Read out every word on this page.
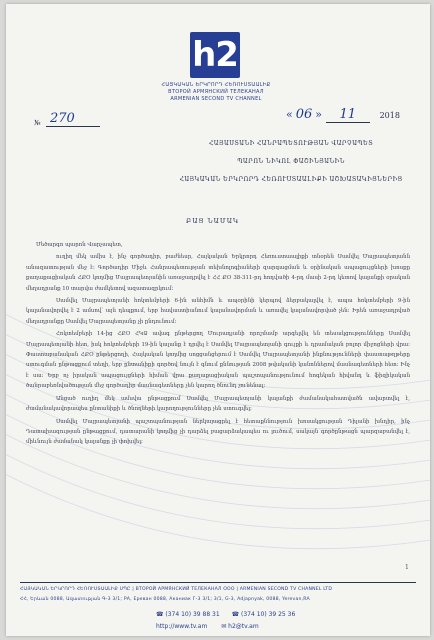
h2
ՀԱՅԿԱԿԱՆ ԵՐԿՐՈՐԴ ՀԵՌՈՒՍՏԱԱԼԻՔ
ВТОРОЙ АРМЯНСКИЙ ТЕЛЕКАНАЛ
ARMENIAN SECOND TV CHANNEL
№ 270	« 06 » 11	2018
ՀԱՅԱՍՏԱՆԻ ՀԱՆՐԱՊԵՏՈՒԹՅԱՆ ՎԱՐՉԱՊԵՏ
ՊԱՐՈՆ ՆԻԿՈԼ ՓԱՇԻՆՅԱՆԻՆ
ՀԱՅԿԱԿԱՆ ԵՐԿՐՈՐԴ ՀԵՌՈՒՍՏԱԱԼԻՔԻ ԱՇԽԱՏԱԿԻՑՆԵՐԻՑ
ԲԱՑ ՆԱՄԱԿ

Մեծարգո պարոն Վարչապետ,

ուղիղ մեկ ամիս է, ինչ գործադիր, բաժնեսր, Հայկական Երկրորդ Հեռուստաալիքի տնօրեն Սամվել Մայրապետյանն անազատության մեջ է։ Գործադիր Միջև Հանրապետության տեխնոլոգիաների զարգացման և օրինական ապացույցների խոսքը քաղաքացիական ՀՔՕ կողմից Մայրապետյանին առաջադրվել է ՀՀ ՔՕ 38-311-րդ հոդվածի 4-րդ մասի 2-րդ կետով կալանքի օրական մեղադրանք 10 տարվա ժամկետով ազատազրկում։

Սամվել Մայրապետյանի հոկտեմբերի 6-ին անհիմն և ապօրինի կերպով ձերբակալվել է, ապա հոկտեմբերի 9-ին կալանավորվել է 2 ամսով՝ այն դեպքում, երբ հավաստիանում կալանավորման և առավել կալանավորված չեն։ Իրեն առաջադրված մեղադրանքը Սամվել Մայրապետյանը չի ընդունում։

Հոկտեմբերի 14-ից ՀՔՕ ՀԿՁ ավագ ընթերցող Մուրադյանի որոշմամբ արգելվել են տեսակցությունները Սամվել Մայրապետյանի հետ, իսկ հոկտեմբերի 19-ին կալանք է դրվել է Սամվել Մայրապետյանի գույքի և դրամական բոլոր միջոցների վրա։ Փաստաբանական ՀՔՕ ընթերցողի, Հայկական կողմից սոցցանցերում է Սամվել Մայրապետյանի ինքնությունների փաստաթղթերը ստուգման ընթացքում տեղի, երբ ընտանիքի գործով նույն է գնում քննության 2008 թվականի կանոններով մասնագետների հետ։ Ինչ է սա։ Երբ ոչ իրական ապացույցների հիման վրա քաղաքացիական պաշտպանությունում հոգեկան հիվանդ և ֆիզիկական ծանրաբեռնվածության մեջ գործադիր մասնագետները չեն կարող ծնունդ չունենալ։

Անցած ուղիղ մեկ ամսվա ընթացքում Սամվել Մայրապետյանի կալանքի ժամանակահատվածն ավարտվել է, ժամանակավորապես ընտանիքի և ծնողների կարողությունները չեն ստուգվել։

Սամվել Մայրապետյանի պաշտպանության ներկայացրել է հետաքննություն խոսակցության Դիլանի խնդիր, ինչ Դատախազության ընթացքում, դատարանի կողմից չի դարձել բացարձակապես ու լուծում, սակայն գործընթացն պարզաբանվել է, միևնույն ժամանակ կալանքը չի փոխվել։

1
ՀԱՅԿԱԿԱՆ ԵՐԿՐՈՐԴ ՀԵՌՈՒՍՏԱԱԼԻՔ ՍՊԸ | ВТОРОЙ АРМЯНСКИЙ ТЕЛЕКАНАЛ ООО | ARMENIAN SECOND TV CHANNEL LTD
ՀՀ, Երևան 0088, Ազատության Գ-3 3/1; РА, Ереван 0088, Аканиак Г-3 3/1; 3/1, G-3, Adjapnyak, 0088, Yerevan,RA
☎ (374 10) 39 88 31 ☎ (374 10) 39 25 36
http://www.tv.am ✉ h2@tv.am
